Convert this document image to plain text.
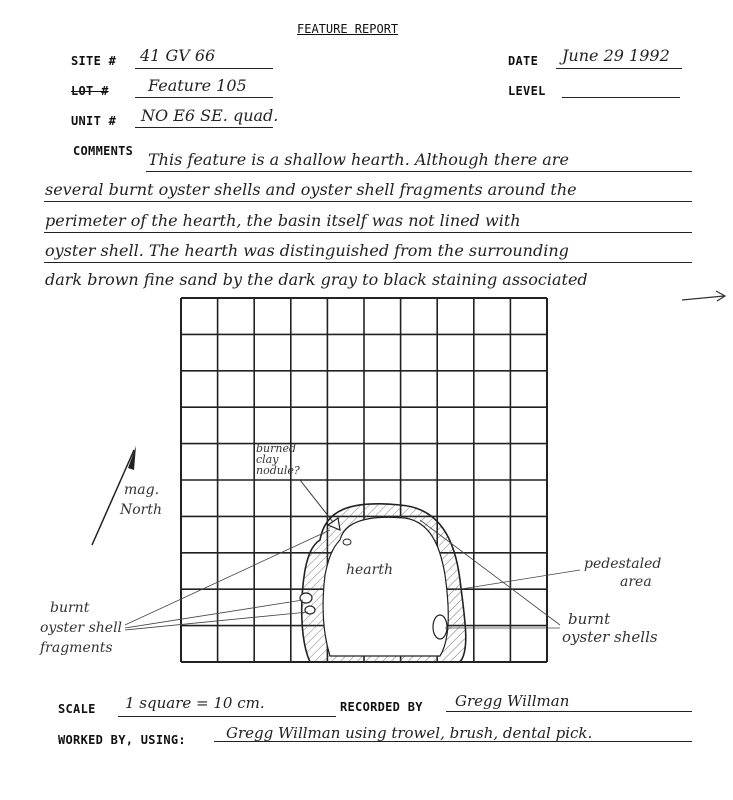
FEATURE REPORT
SITE # 41 GV 66	DATE June 29 1992
LOT # Feature 105	LEVEL
UNIT # NO E6 SE. quad.
COMMENTS This feature is a shallow hearth. Although there are
several burnt oyster shells and oyster shell fragments around the
perimeter of the hearth, the basin itself was not lined with
oyster shell. The hearth was distinguished from the surrounding
dark brown fine sand by the dark gray to black staining associated
burned
clay
nodule?
hearth
mag.
North
pedestaled
area
burnt
oyster shells
burnt
oyster shell
fragments
SCALE 1 square = 10 cm.	RECORDED BY Gregg Willman
WORKED BY, USING:	Gregg Willman using trowel, brush, dental pick.
